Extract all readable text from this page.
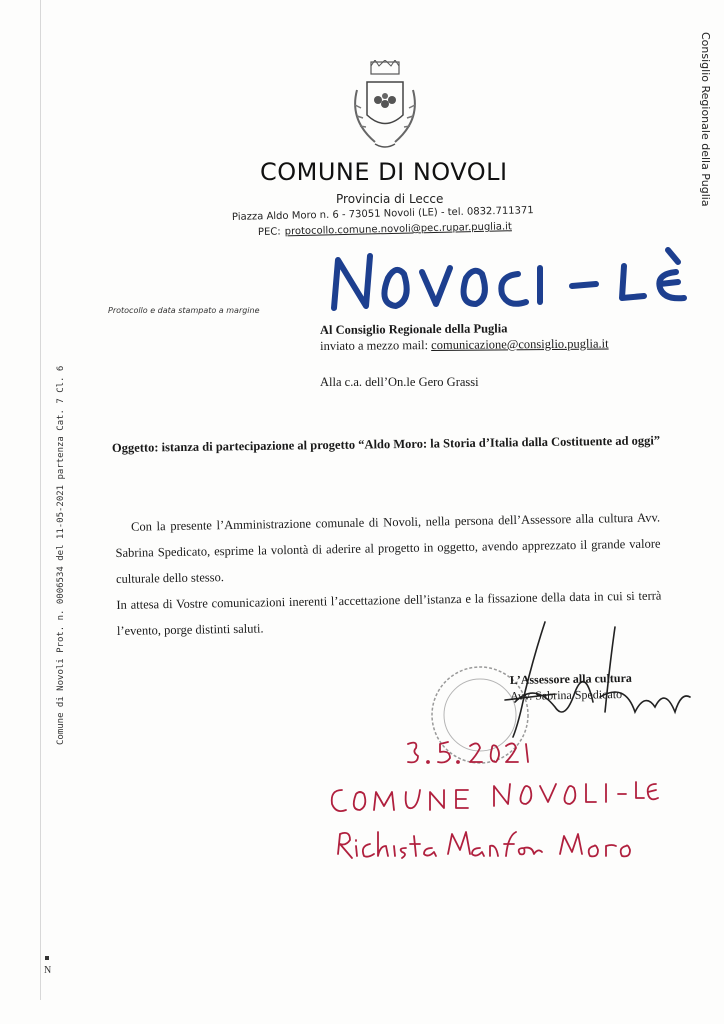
COMUNE DI NOVOLI
Provincia di Lecce
Piazza Aldo Moro n. 6 - 73051 Novoli (LE) - tel. 0832.711371
PEC: protocollo.comune.novoli@pec.rupar.puglia.it
Protocollo e data stampato a margine
Al Consiglio Regionale della Puglia
inviato a mezzo mail: comunicazione@consiglio.puglia.it
Alla c.a. dell’On.le Gero Grassi
Oggetto: istanza di partecipazione al progetto “Aldo Moro: la Storia d’Italia dalla Costituente ad oggi”

Con la presente l’Amministrazione comunale di Novoli, nella persona dell’Assessore alla cultura Avv. Sabrina Spedicato, esprime la volontà di aderire al progetto in oggetto, avendo apprezzato il grande valore culturale dello stesso.

In attesa di Vostre comunicazioni inerenti l’accettazione dell’istanza e la fissazione della data in cui si terrà l’evento, porge distinti saluti.

L’Assessore alla cultura
Avv. Sabrina Spedicato
Comune di Novoli Prot. n. 0006534 del 11-05-2021 partenza Cat. 7 Cl. 6
Consiglio Regionale della Puglia
N
